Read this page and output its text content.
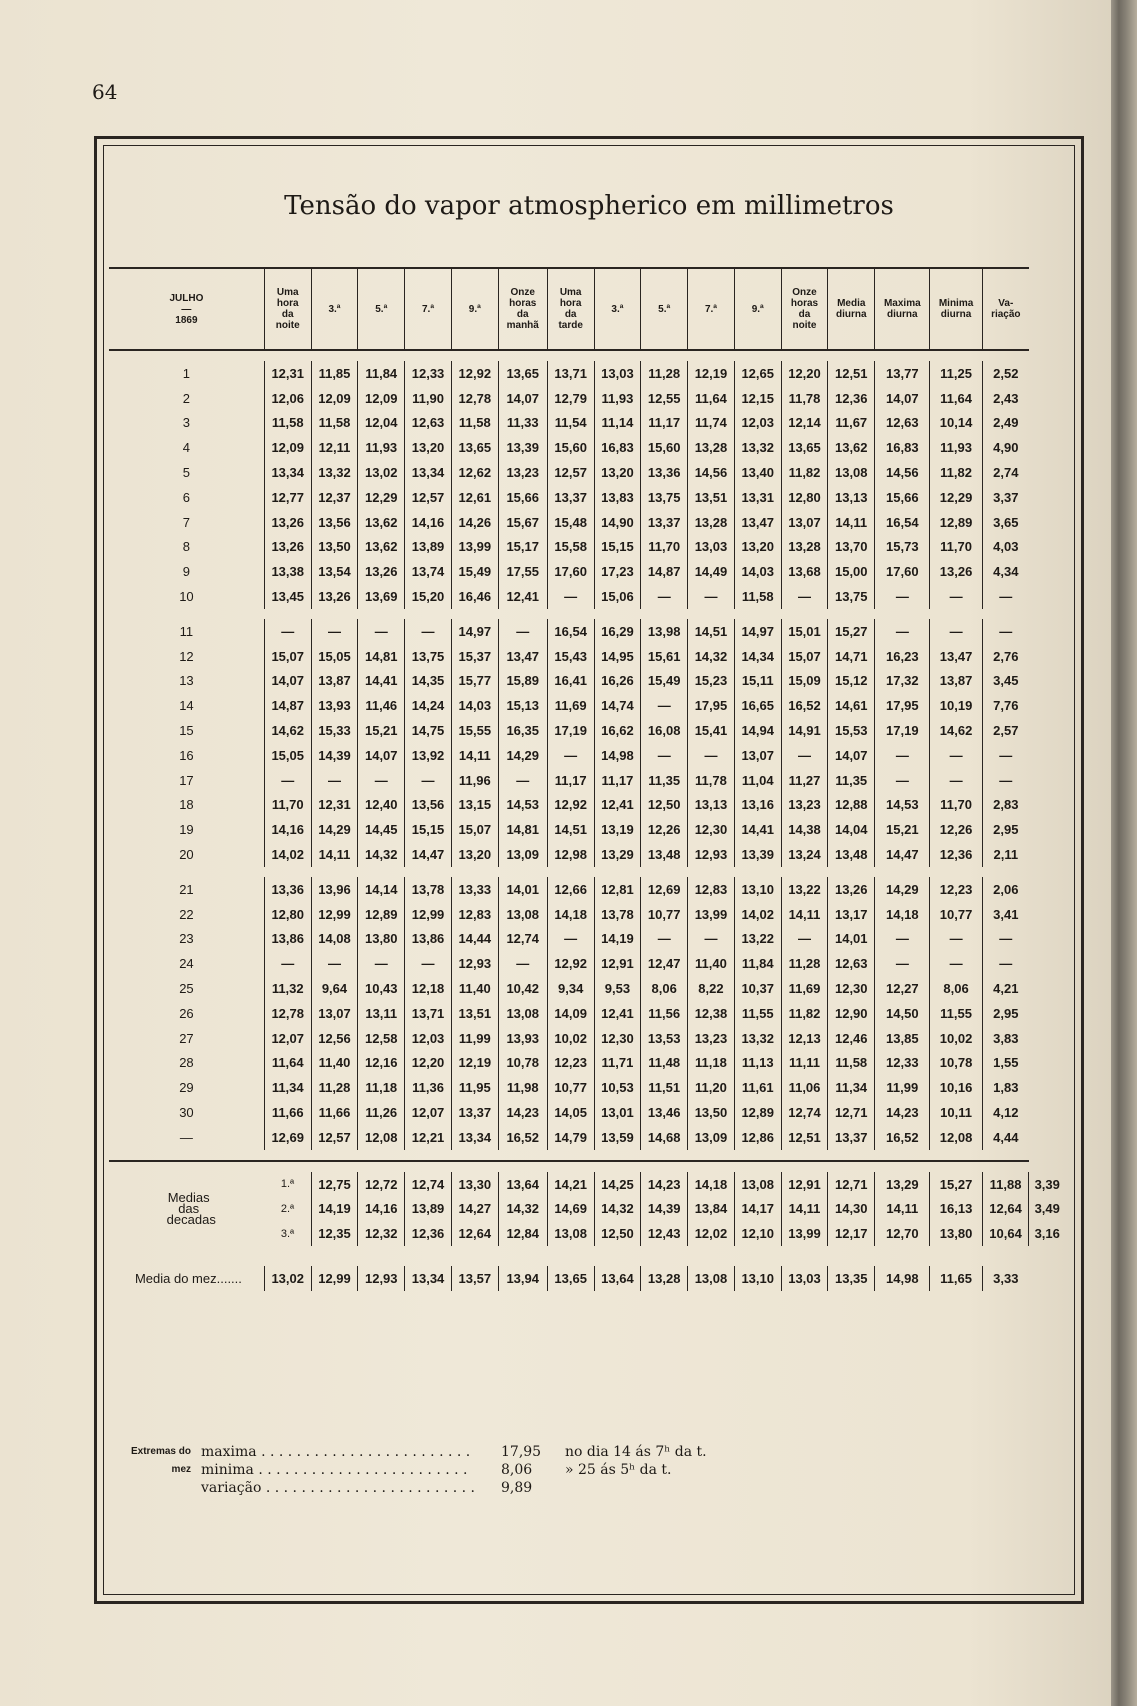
64
Tensão do vapor atmospherico em millimetros
JULHO
—
1869	Uma
hora
da
noite	3.ª	5.ª	7.ª	9.ª	Onze
horas
da
manhã	Uma
hora
da
tarde	3.ª	5.ª	7.ª	9.ª	Onze
horas
da
noite	Media
diurna	Maxima
diurna	Minima
diurna	Va-
riação	

1	12,31	11,85	11,84	12,33	12,92	13,65	13,71	13,03	11,28	12,19	12,65	12,20	12,51	13,77	11,25	2,52	
2	12,06	12,09	12,09	11,90	12,78	14,07	12,79	11,93	12,55	11,64	12,15	11,78	12,36	14,07	11,64	2,43	
3	11,58	11,58	12,04	12,63	11,58	11,33	11,54	11,14	11,17	11,74	12,03	12,14	11,67	12,63	10,14	2,49	
4	12,09	12,11	11,93	13,20	13,65	13,39	15,60	16,83	15,60	13,28	13,32	13,65	13,62	16,83	11,93	4,90	
5	13,34	13,32	13,02	13,34	12,62	13,23	12,57	13,20	13,36	14,56	13,40	11,82	13,08	14,56	11,82	2,74	
6	12,77	12,37	12,29	12,57	12,61	15,66	13,37	13,83	13,75	13,51	13,31	12,80	13,13	15,66	12,29	3,37	
7	13,26	13,56	13,62	14,16	14,26	15,67	15,48	14,90	13,37	13,28	13,47	13,07	14,11	16,54	12,89	3,65	
8	13,26	13,50	13,62	13,89	13,99	15,17	15,58	15,15	11,70	13,03	13,20	13,28	13,70	15,73	11,70	4,03	
9	13,38	13,54	13,26	13,74	15,49	17,55	17,60	17,23	14,87	14,49	14,03	13,68	15,00	17,60	13,26	4,34	
10	13,45	13,26	13,69	15,20	16,46	12,41	—	15,06	—	—	11,58	—	13,75	—	—	—	

11	—	—	—	—	14,97	—	16,54	16,29	13,98	14,51	14,97	15,01	15,27	—	—	—	
12	15,07	15,05	14,81	13,75	15,37	13,47	15,43	14,95	15,61	14,32	14,34	15,07	14,71	16,23	13,47	2,76	
13	14,07	13,87	14,41	14,35	15,77	15,89	16,41	16,26	15,49	15,23	15,11	15,09	15,12	17,32	13,87	3,45	
14	14,87	13,93	11,46	14,24	14,03	15,13	11,69	14,74	—	17,95	16,65	16,52	14,61	17,95	10,19	7,76	
15	14,62	15,33	15,21	14,75	15,55	16,35	17,19	16,62	16,08	15,41	14,94	14,91	15,53	17,19	14,62	2,57	
16	15,05	14,39	14,07	13,92	14,11	14,29	—	14,98	—	—	13,07	—	14,07	—	—	—	
17	—	—	—	—	11,96	—	11,17	11,17	11,35	11,78	11,04	11,27	11,35	—	—	—	
18	11,70	12,31	12,40	13,56	13,15	14,53	12,92	12,41	12,50	13,13	13,16	13,23	12,88	14,53	11,70	2,83	
19	14,16	14,29	14,45	15,15	15,07	14,81	14,51	13,19	12,26	12,30	14,41	14,38	14,04	15,21	12,26	2,95	
20	14,02	14,11	14,32	14,47	13,20	13,09	12,98	13,29	13,48	12,93	13,39	13,24	13,48	14,47	12,36	2,11	

21	13,36	13,96	14,14	13,78	13,33	14,01	12,66	12,81	12,69	12,83	13,10	13,22	13,26	14,29	12,23	2,06	
22	12,80	12,99	12,89	12,99	12,83	13,08	14,18	13,78	10,77	13,99	14,02	14,11	13,17	14,18	10,77	3,41	
23	13,86	14,08	13,80	13,86	14,44	12,74	—	14,19	—	—	13,22	—	14,01	—	—	—	
24	—	—	—	—	12,93	—	12,92	12,91	12,47	11,40	11,84	11,28	12,63	—	—	—	
25	11,32	9,64	10,43	12,18	11,40	10,42	9,34	9,53	8,06	8,22	10,37	11,69	12,30	12,27	8,06	4,21	
26	12,78	13,07	13,11	13,71	13,51	13,08	14,09	12,41	11,56	12,38	11,55	11,82	12,90	14,50	11,55	2,95	
27	12,07	12,56	12,58	12,03	11,99	13,93	10,02	12,30	13,53	13,23	13,32	12,13	12,46	13,85	10,02	3,83	
28	11,64	11,40	12,16	12,20	12,19	10,78	12,23	11,71	11,48	11,18	11,13	11,11	11,58	12,33	10,78	1,55	
29	11,34	11,28	11,18	11,36	11,95	11,98	10,77	10,53	11,51	11,20	11,61	11,06	11,34	11,99	10,16	1,83	
30	11,66	11,66	11,26	12,07	13,37	14,23	14,05	13,01	13,46	13,50	12,89	12,74	12,71	14,23	10,11	4,12	
—	12,69	12,57	12,08	12,21	13,34	16,52	14,79	13,59	14,68	13,09	12,86	12,51	13,37	16,52	12,08	4,44	

Medias das decadas	1.ª	12,75	12,72	12,74	13,30	13,64	14,21	14,25	14,23	14,18	13,08	12,91	12,71	13,29	15,27	11,88	3,39
	2.ª	14,19	14,16	13,89	14,27	14,32	14,69	14,32	14,39	13,84	14,17	14,11	14,30	14,11	16,13	12,64	3,49
	3.ª	12,35	12,32	12,36	12,64	12,84	13,08	12,50	12,43	12,02	12,10	13,99	12,17	12,70	13,80	10,64	3,16

Media do mez.......	13,02	12,99	12,93	13,34	13,57	13,94	13,65	13,64	13,28	13,08	13,10	13,03	13,35	14,98	11,65	3,33	
Extremas do mez
maxima . . . . . . . . . . . . . . . . . . . . . . . .	17,95	no dia 14 ás 7ʰ da t.
minima . . . . . . . . . . . . . . . . . . . . . . . .	8,06	» 25 ás 5ʰ da t.
variação . . . . . . . . . . . . . . . . . . . . . . . .	9,89
